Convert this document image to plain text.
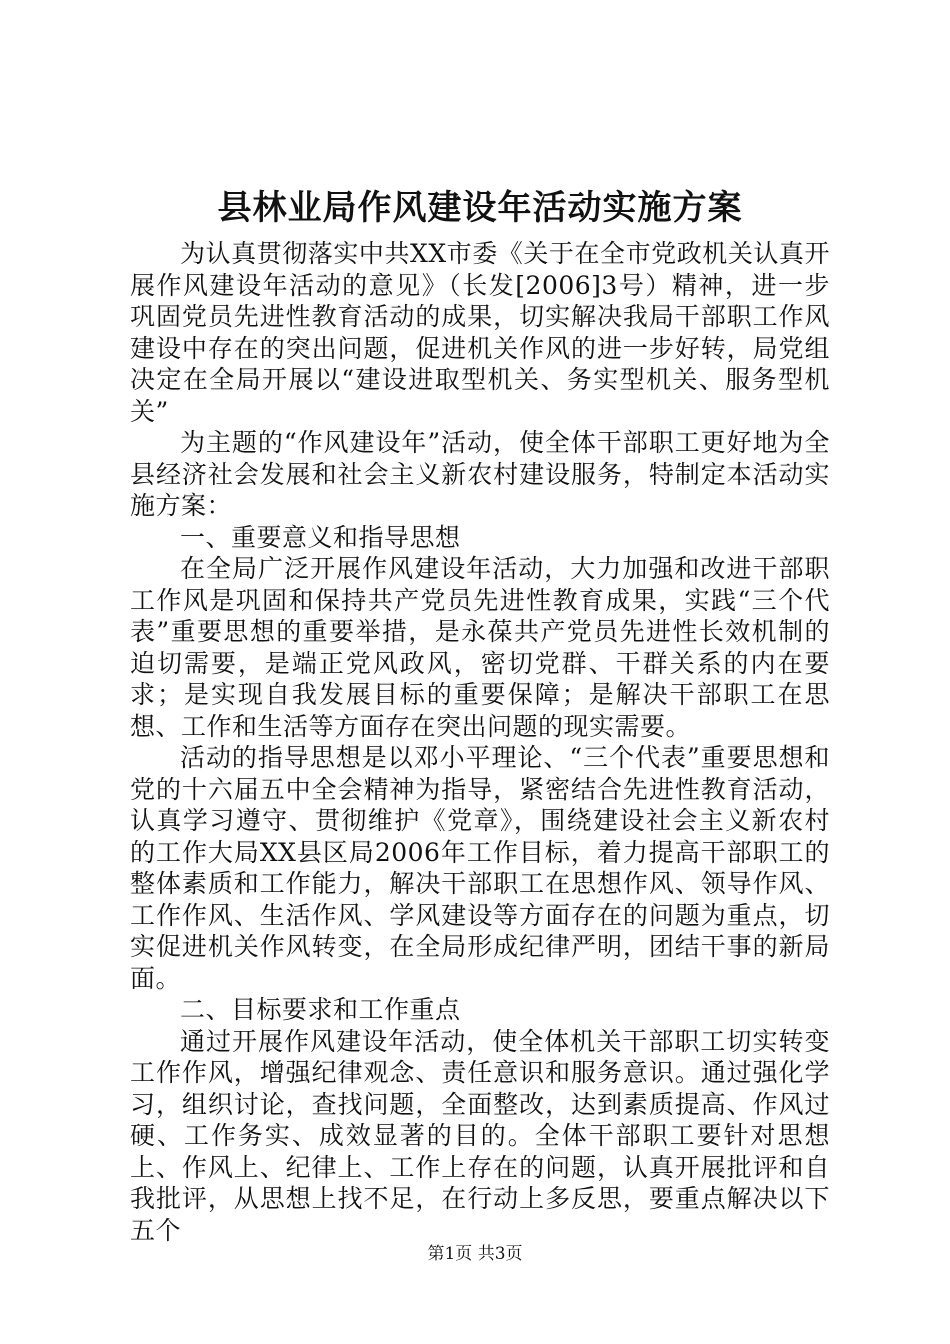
县林业局作风建设年活动实施方案

为认真贯彻落实中共XX市委《关于在全市党政机关认真开展作风建设年活动的意见》（长发[2006]3号）精神，进一步巩固党员先进性教育活动的成果，切实解决我局干部职工作风建设中存在的突出问题，促进机关作风的进一步好转，局党组决定在全局开展以“建设进取型机关、务实型机关、服务型机关”

为主题的“作风建设年”活动，使全体干部职工更好地为全县经济社会发展和社会主义新农村建设服务，特制定本活动实施方案：

一、重要意义和指导思想

在全局广泛开展作风建设年活动，大力加强和改进干部职工作风是巩固和保持共产党员先进性教育成果，实践“三个代表”重要思想的重要举措，是永葆共产党员先进性长效机制的迫切需要，是端正党风政风，密切党群、干群关系的内在要求；是实现自我发展目标的重要保障；是解决干部职工在思想、工作和生活等方面存在突出问题的现实需要。

活动的指导思想是以邓小平理论、“三个代表”重要思想和党的十六届五中全会精神为指导，紧密结合先进性教育活动，认真学习遵守、贯彻维护《党章》，围绕建设社会主义新农村的工作大局XX县区局2006年工作目标，着力提高干部职工的整体素质和工作能力，解决干部职工在思想作风、领导作风、工作作风、生活作风、学风建设等方面存在的问题为重点，切实促进机关作风转变，在全局形成纪律严明，团结干事的新局面。

二、目标要求和工作重点

通过开展作风建设年活动，使全体机关干部职工切实转变工作作风，增强纪律观念、责任意识和服务意识。通过强化学习，组织讨论，查找问题，全面整改，达到素质提高、作风过硬、工作务实、成效显著的目的。全体干部职工要针对思想上、作风上、纪律上、工作上存在的问题，认真开展批评和自我批评，从思想上找不足，在行动上多反思，要重点解决以下五个

第1页 共3页
